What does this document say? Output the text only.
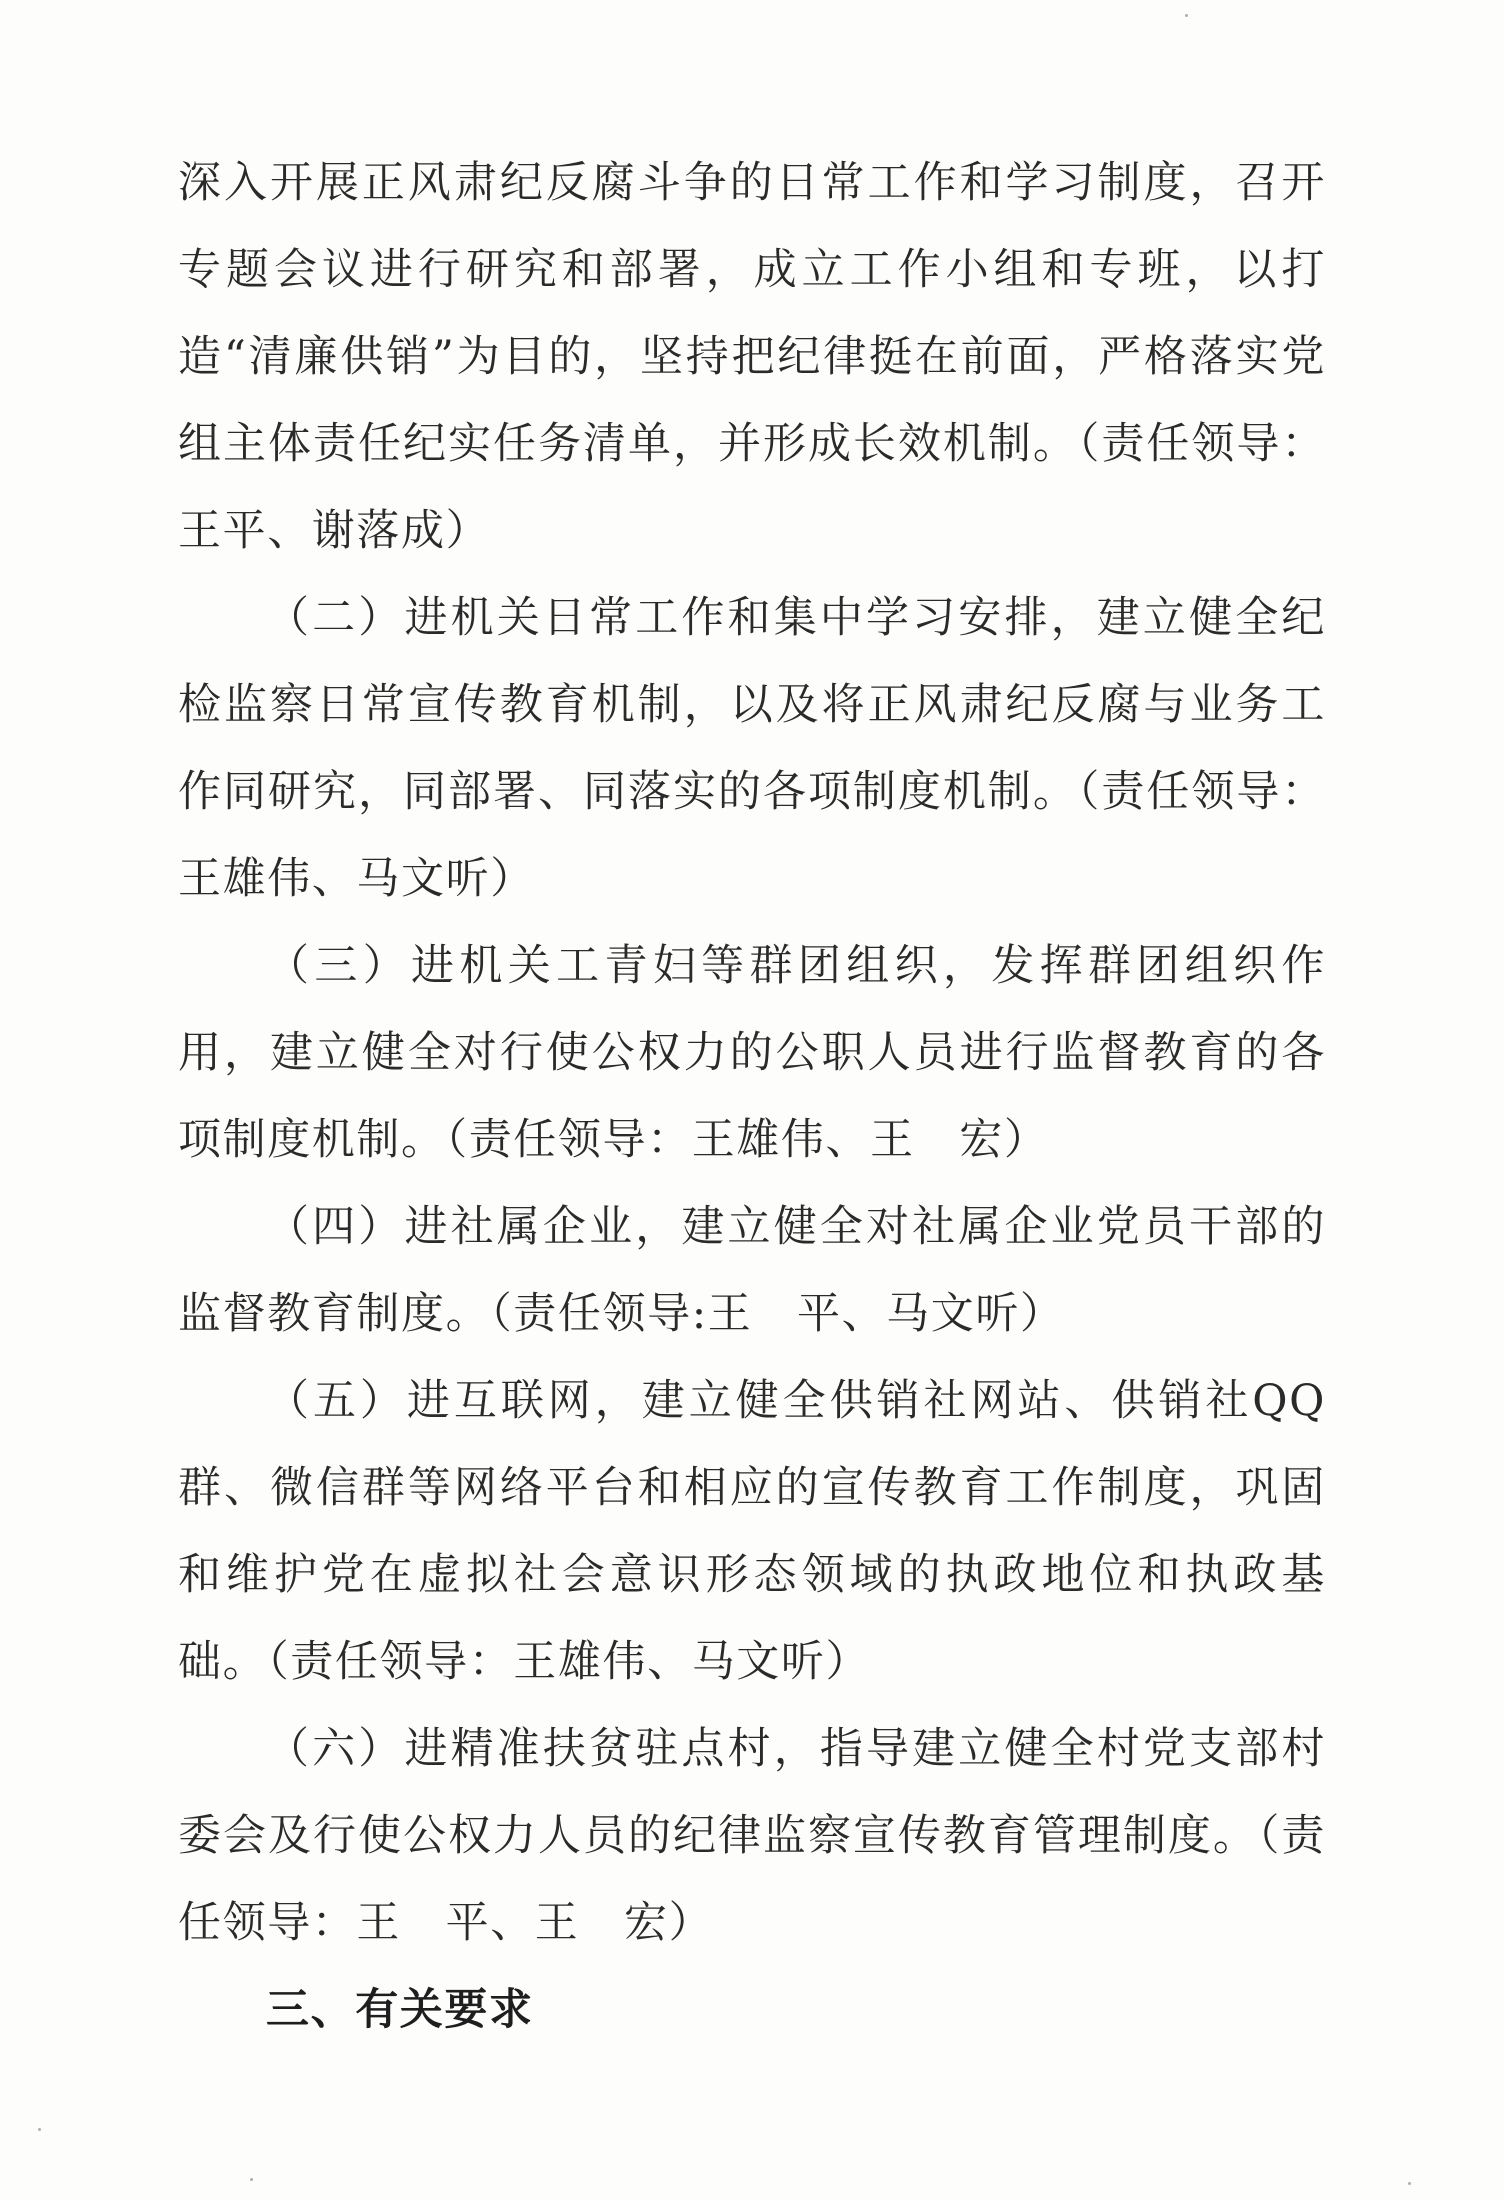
深入开展正风肃纪反腐斗争的日常工作和学习制度，召开专题会议进行研究和部署，成立工作小组和专班，以打造“清廉供销”为目的，坚持把纪律挺在前面，严格落实党组主体责任纪实任务清单，并形成长效机制。（责任领导：王平、谢落成）

（二）进机关日常工作和集中学习安排，建立健全纪检监察日常宣传教育机制，以及将正风肃纪反腐与业务工作同研究，同部署、同落实的各项制度机制。（责任领导：王雄伟、马文听）

（三）进机关工青妇等群团组织，发挥群团组织作用，建立健全对行使公权力的公职人员进行监督教育的各项制度机制。（责任领导：王雄伟、王　宏）

（四）进社属企业，建立健全对社属企业党员干部的监督教育制度。（责任领导:王　平、马文听）

（五）进互联网，建立健全供销社网站、供销社QQ群、微信群等网络平台和相应的宣传教育工作制度，巩固和维护党在虚拟社会意识形态领域的执政地位和执政基础。（责任领导：王雄伟、马文听）

（六）进精准扶贫驻点村，指导建立健全村党支部村委会及行使公权力人员的纪律监察宣传教育管理制度。（责任领导：王　平、王　宏）

三、有关要求
